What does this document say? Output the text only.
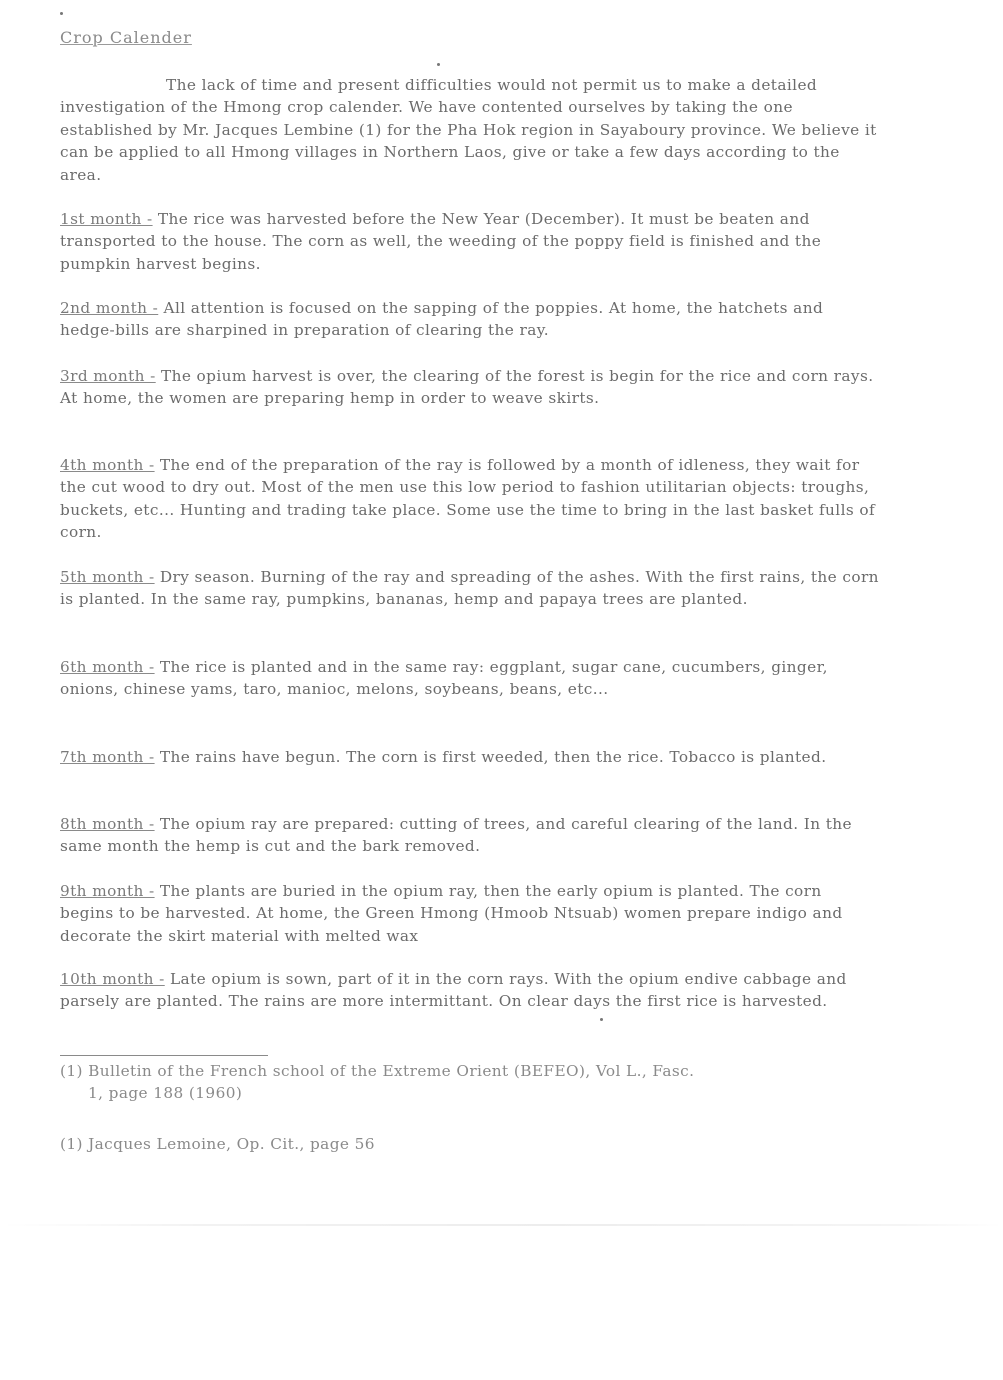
Crop Calender

The lack of time and present difficulties would not permit us to make a detailed investigation of the Hmong crop calender. We have contented ourselves by taking the one established by Mr. Jacques Lembine (1) for the Pha Hok region in Sayaboury province. We believe it can be applied to all Hmong villages in Northern Laos, give or take a few days according to the area.

1st month - The rice was harvested before the New Year (December). It must be beaten and transported to the house. The corn as well, the weeding of the poppy field is finished and the pumpkin harvest begins.

2nd month - All attention is focused on the sapping of the poppies. At home, the hatchets and hedge-bills are sharpined in preparation of clearing the ray.

3rd month - The opium harvest is over, the clearing of the forest is begin for the rice and corn rays. At home, the women are preparing hemp in order to weave skirts.

4th month - The end of the preparation of the ray is followed by a month of idleness, they wait for the cut wood to dry out. Most of the men use this low period to fashion utilitarian objects: troughs, buckets, etc... Hunting and trading take place. Some use the time to bring in the last basket fulls of corn.

5th month - Dry season. Burning of the ray and spreading of the ashes. With the first rains, the corn is planted. In the same ray, pumpkins, bananas, hemp and papaya trees are planted.

6th month - The rice is planted and in the same ray: eggplant, sugar cane, cucumbers, ginger, onions, chinese yams, taro, manioc, melons, soybeans, beans, etc...

7th month - The rains have begun. The corn is first weeded, then the rice. Tobacco is planted.

8th month - The opium ray are prepared: cutting of trees, and careful clearing of the land. In the same month the hemp is cut and the bark removed.

9th month - The plants are buried in the opium ray, then the early opium is planted. The corn begins to be harvested. At home, the Green Hmong (Hmoob Ntsuab) women prepare indigo and decorate the skirt material with melted wax

10th month - Late opium is sown, part of it in the corn rays. With the opium endive cabbage and parsely are planted. The rains are more intermittant. On clear days the first rice is harvested.

(1) Bulletin of the French school of the Extreme Orient (BEFEO), Vol L., Fasc.
1, page 188 (1960)
(1) Jacques Lemoine, Op. Cit., page 56
